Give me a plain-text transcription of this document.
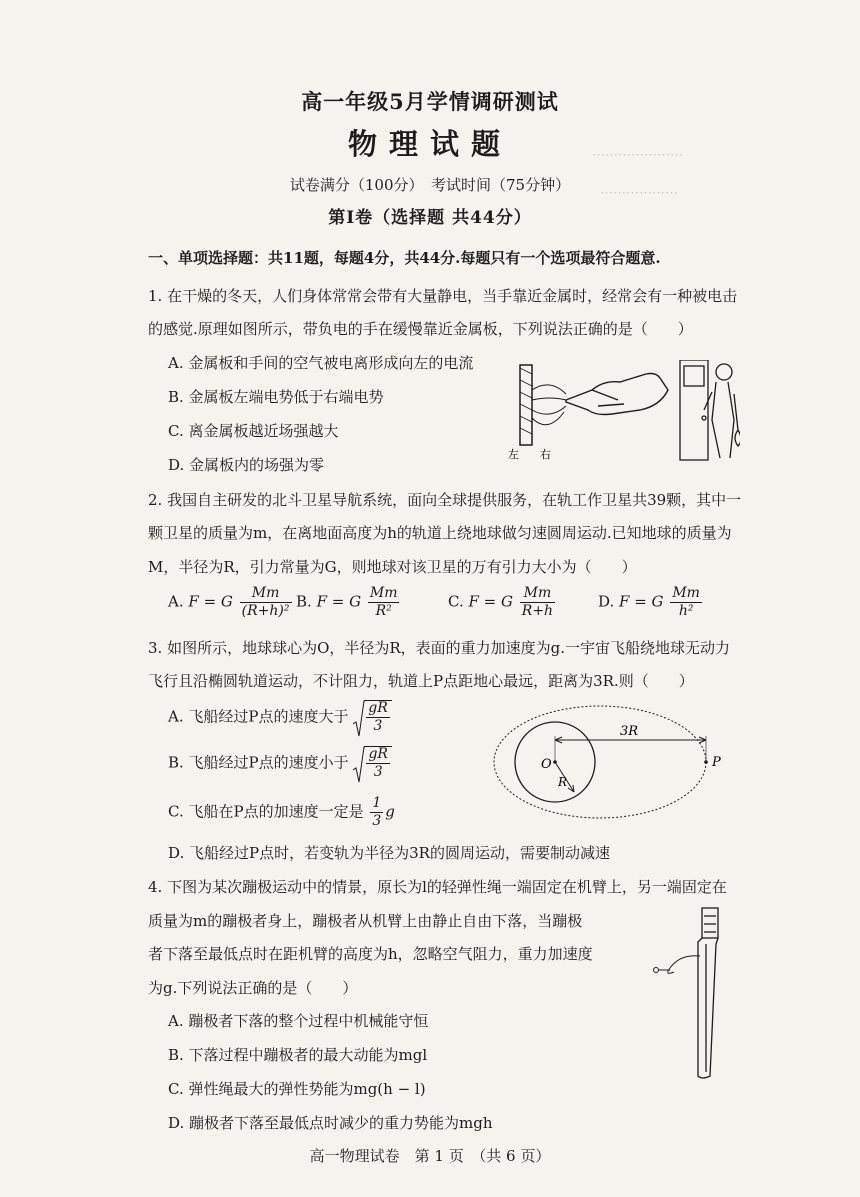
⋯⋯⋯⋯⋯⋯⋯
⋯⋯⋯⋯⋯⋯
高一年级5月学情调研测试
物理试题
试卷满分（100分）　考试时间（75分钟）
第Ⅰ卷（选择题 共44分）
一、单项选择题：共11题，每题4分，共44分.每题只有一个选项最符合题意.
1. 在干燥的冬天，人们身体常常会带有大量静电，当手靠近金属时，经常会有一种被电击
的感觉.原理如图所示，带负电的手在缓慢靠近金属板，下列说法正确的是（　　）
A. 金属板和手间的空气被电离形成向左的电流
B. 金属板左端电势低于右端电势
C. 离金属板越近场强越大
D. 金属板内的场强为零
左 右
2. 我国自主研发的北斗卫星导航系统，面向全球提供服务，在轨工作卫星共39颗，其中一
颗卫星的质量为m，在离地面高度为h的轨道上绕地球做匀速圆周运动.已知地球的质量为
M，半径为R，引力常量为G，则地球对该卫星的万有引力大小为（　　）
A. F = G $\frac{Mm}{\text{(R+h)²}} B$. F = G $\frac{Mm}{\text{R²}}$	C. F = G $\frac{Mm}{R+h}$	D. F = G $\frac{Mm}{\text{h²}}$
3. 如图所示，地球球心为O，半径为R，表面的重力加速度为g.一宇宙飞船绕地球无动力
飞行且沿椭圆轨道运动，不计阻力，轨道上P点距地心最远，距离为3R.则（　　）
A. 飞船经过P点的速度大于 $\frac{gR}{3}$
B. 飞船经过P点的速度小于 $\frac{gR}{3}$
C. 飞船在P点的加速度一定是 $\frac{1}{3}$ g
D. 飞船经过P点时，若变轨为半径为3R的圆周运动，需要制动减速
O
R
3R
P
4. 下图为某次蹦极运动中的情景，原长为l的轻弹性绳一端固定在机臂上，另一端固定在
质量为m的蹦极者身上，蹦极者从机臂上由静止自由下落，当蹦极
者下落至最低点时在距机臂的高度为h，忽略空气阻力，重力加速度
为g.下列说法正确的是（　　）
A. 蹦极者下落的整个过程中机械能守恒
B. 下落过程中蹦极者的最大动能为mgl
C. 弹性绳最大的弹性势能为mg(h − l)
D. 蹦极者下落至最低点时减少的重力势能为mgh
高一物理试卷　第 1 页　（共 6 页）
